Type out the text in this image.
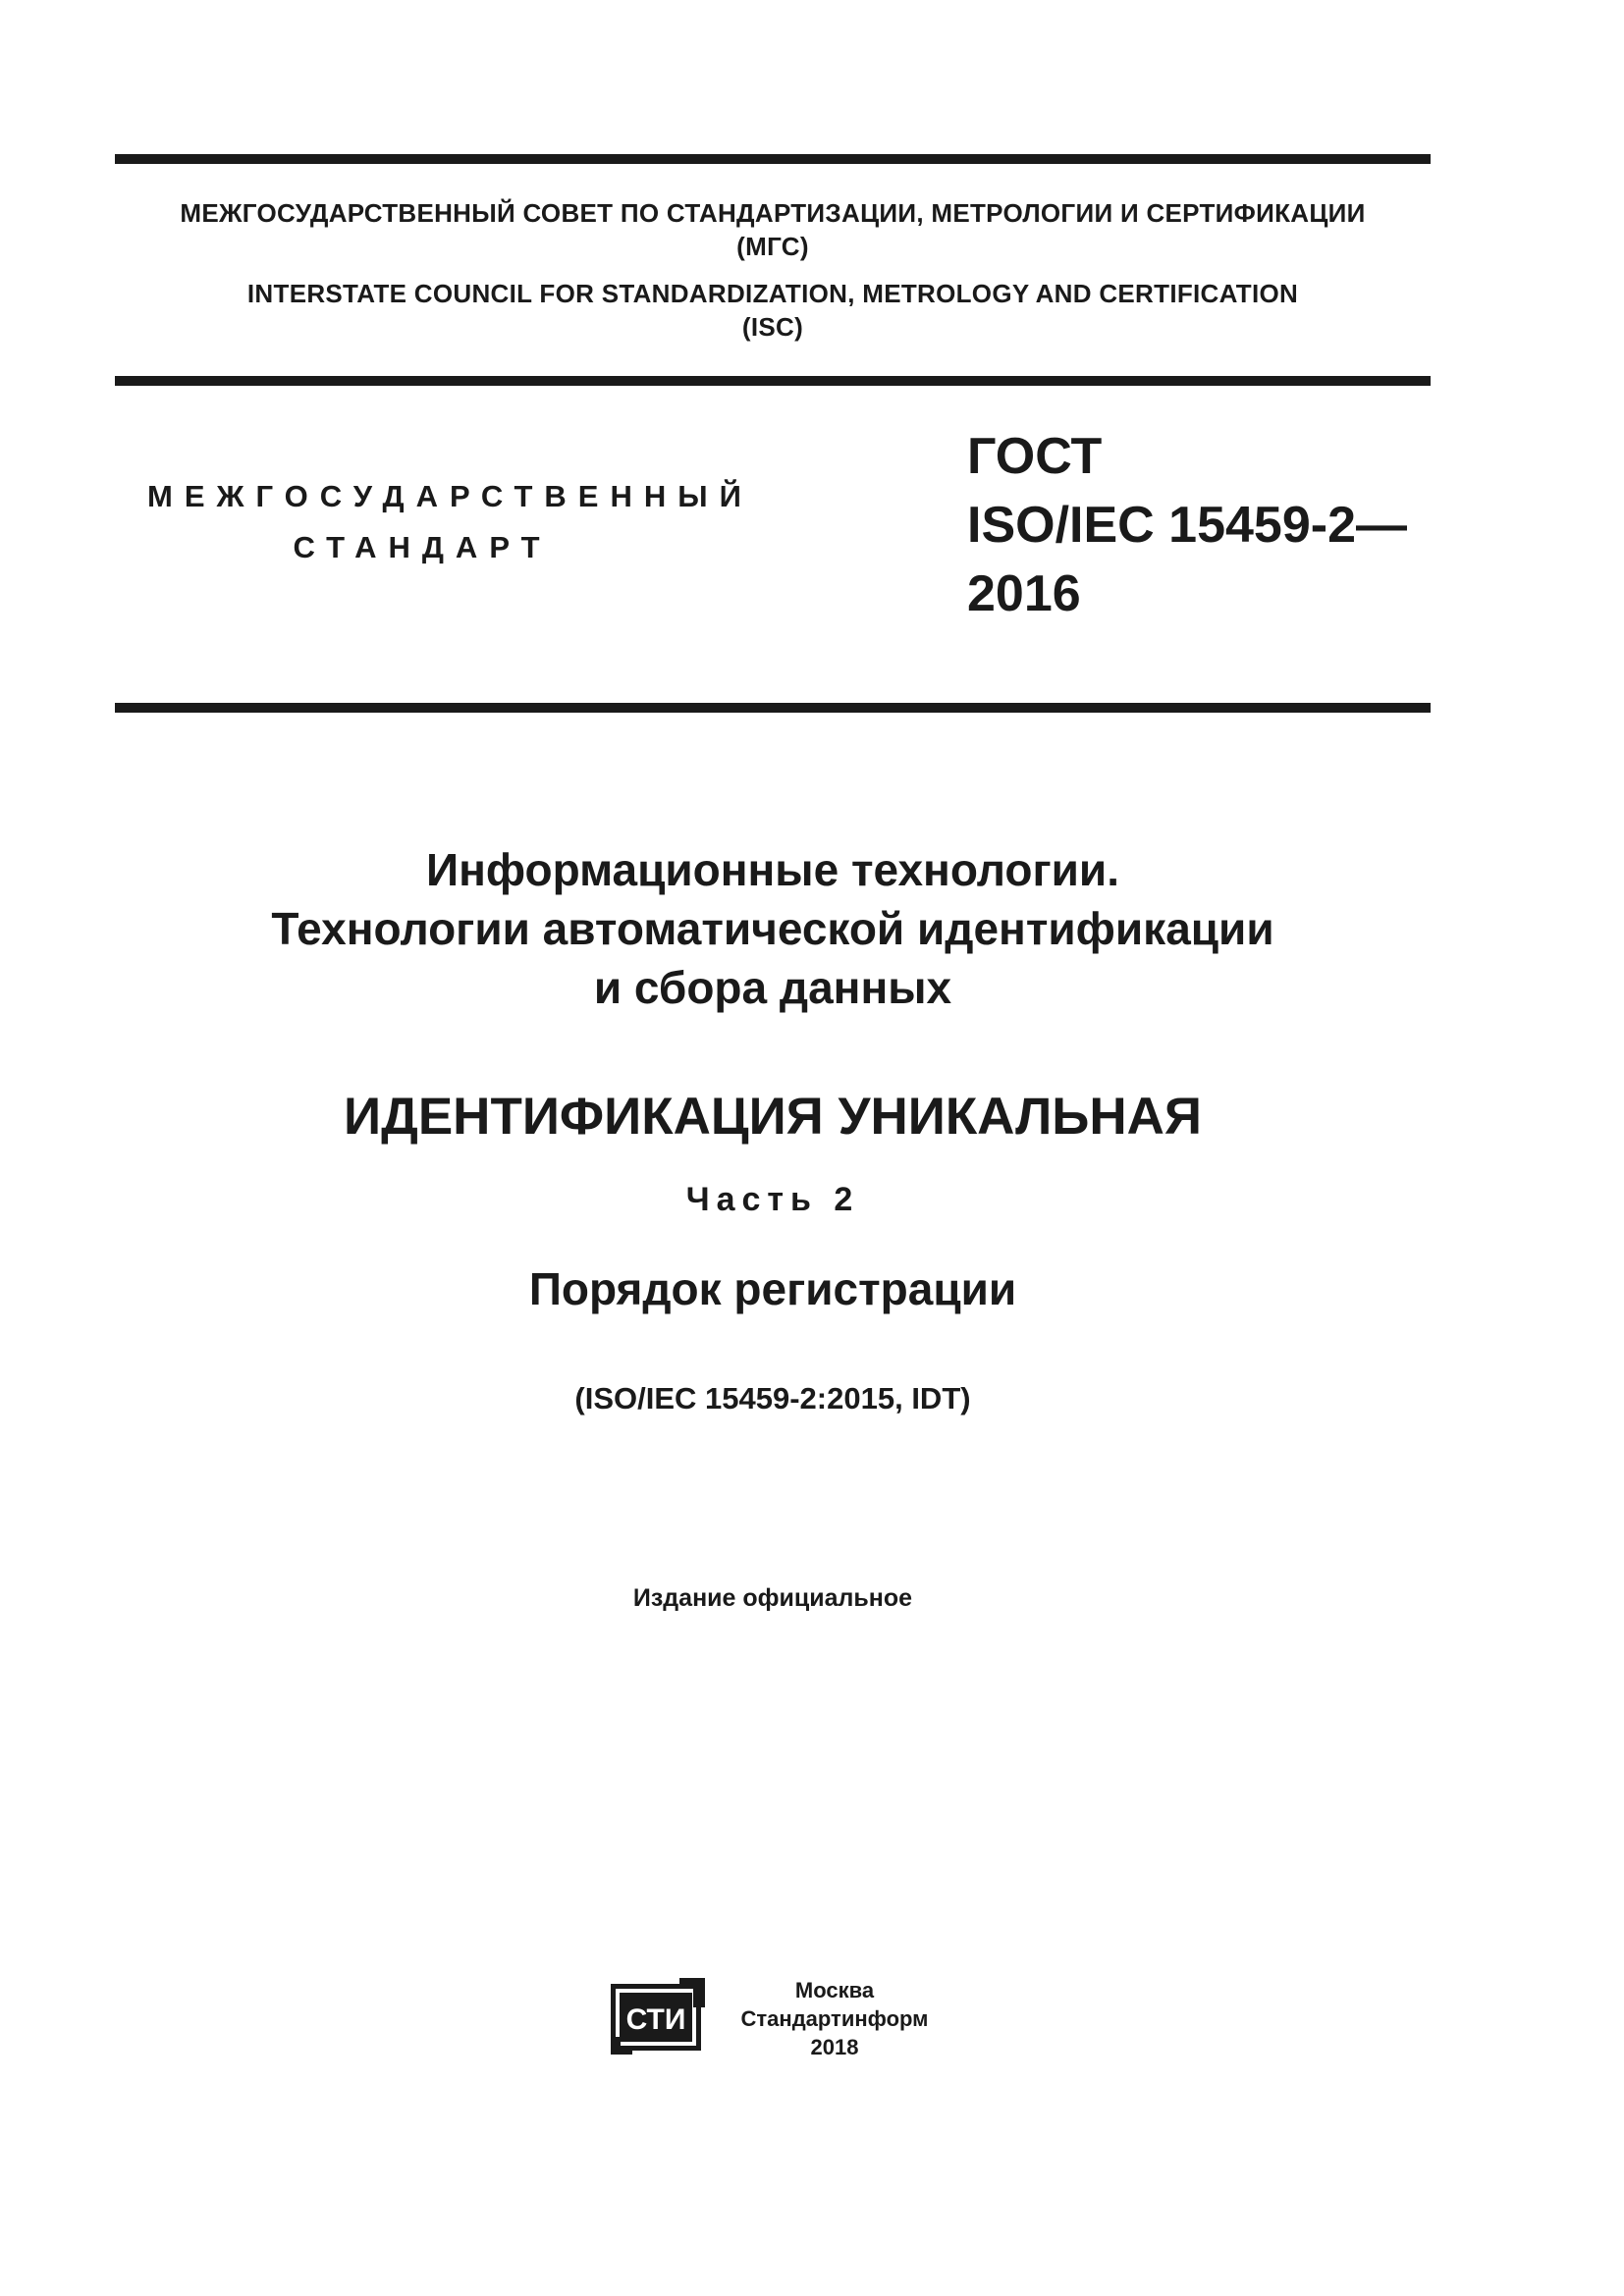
МЕЖГОСУДАРСТВЕННЫЙ СОВЕТ ПО СТАНДАРТИЗАЦИИ, МЕТРОЛОГИИ И СЕРТИФИКАЦИИ
(МГС)
INTERSTATE COUNCIL FOR STANDARDIZATION, METROLOGY AND CERTIFICATION
(ISC)
МЕЖГОСУДАРСТВЕННЫЙ
СТАНДАРТ
ГОСТ
ISO/IEC 15459-2—
2016
Информационные технологии.
Технологии автоматической идентификации
и сбора данных
ИДЕНТИФИКАЦИЯ УНИКАЛЬНАЯ
Часть 2
Порядок регистрации
(ISO/IEC 15459-2:2015, IDT)
Издание официальное
СТИ
Москва
Стандартинформ
2018
